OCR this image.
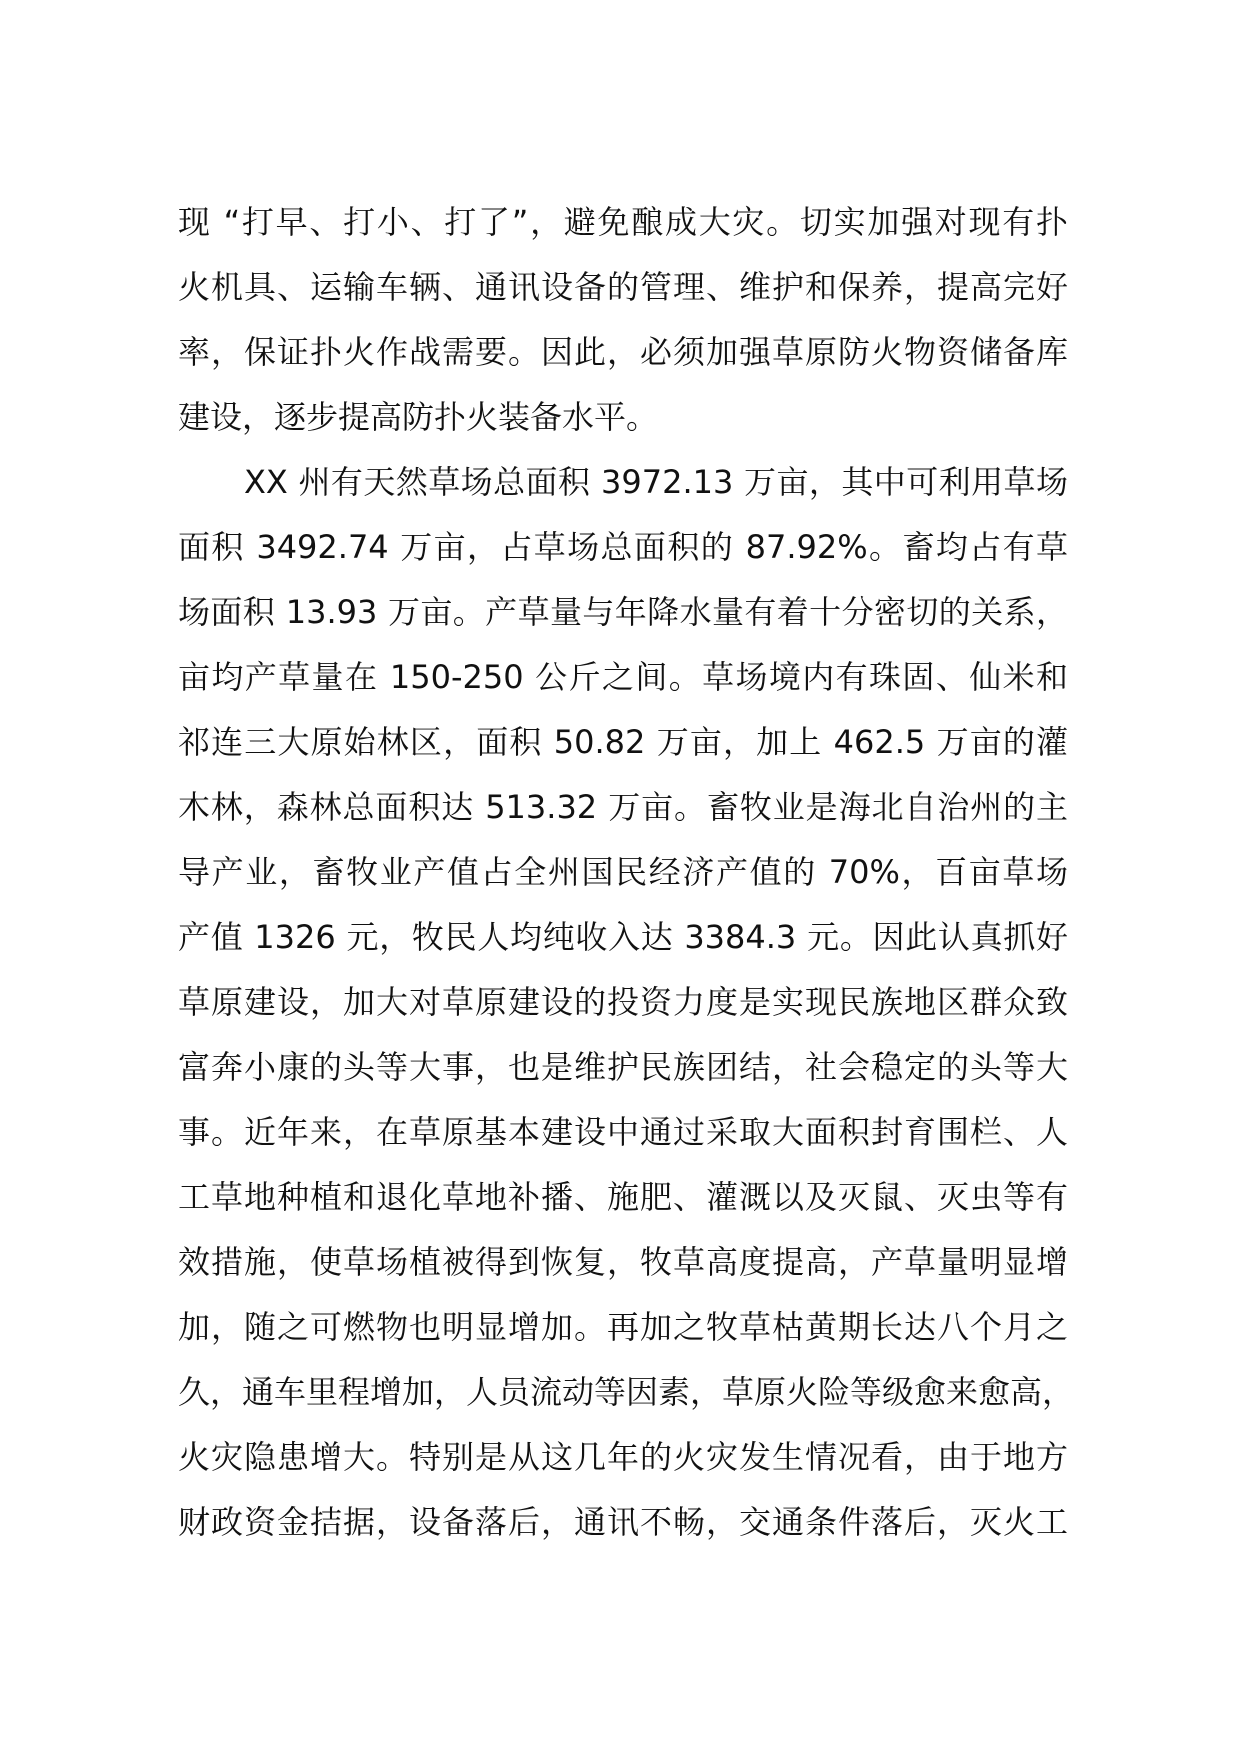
现 “打早、打小、打了”，避免酿成大灾。切实加强对现有扑
火机具、运输车辆、通讯设备的管理、维护和保养，提高完好
率，保证扑火作战需要。因此，必须加强草原防火物资储备库
建设，逐步提高防扑火装备水平。
XX 州有天然草场总面积 3972.13 万亩，其中可利用草场
面积 3492.74 万亩，占草场总面积的 87.92%。畜均占有草
场面积 13.93 万亩。产草量与年降水量有着十分密切的关系，
亩均产草量在 150-250 公斤之间。草场境内有珠固、仙米和
祁连三大原始林区，面积 50.82 万亩，加上 462.5 万亩的灌
木林，森林总面积达 513.32 万亩。畜牧业是海北自治州的主
导产业，畜牧业产值占全州国民经济产值的 70%，百亩草场
产值 1326 元，牧民人均纯收入达 3384.3 元。因此认真抓好
草原建设，加大对草原建设的投资力度是实现民族地区群众致
富奔小康的头等大事，也是维护民族团结，社会稳定的头等大
事。近年来，在草原基本建设中通过采取大面积封育围栏、人
工草地种植和退化草地补播、施肥、灌溉以及灭鼠、灭虫等有
效措施，使草场植被得到恢复，牧草高度提高，产草量明显增
加，随之可燃物也明显增加。再加之牧草枯黄期长达八个月之
久，通车里程增加，人员流动等因素，草原火险等级愈来愈高，
火灾隐患增大。特别是从这几年的火灾发生情况看，由于地方
财政资金拮据，设备落后，通讯不畅，交通条件落后，灭火工
